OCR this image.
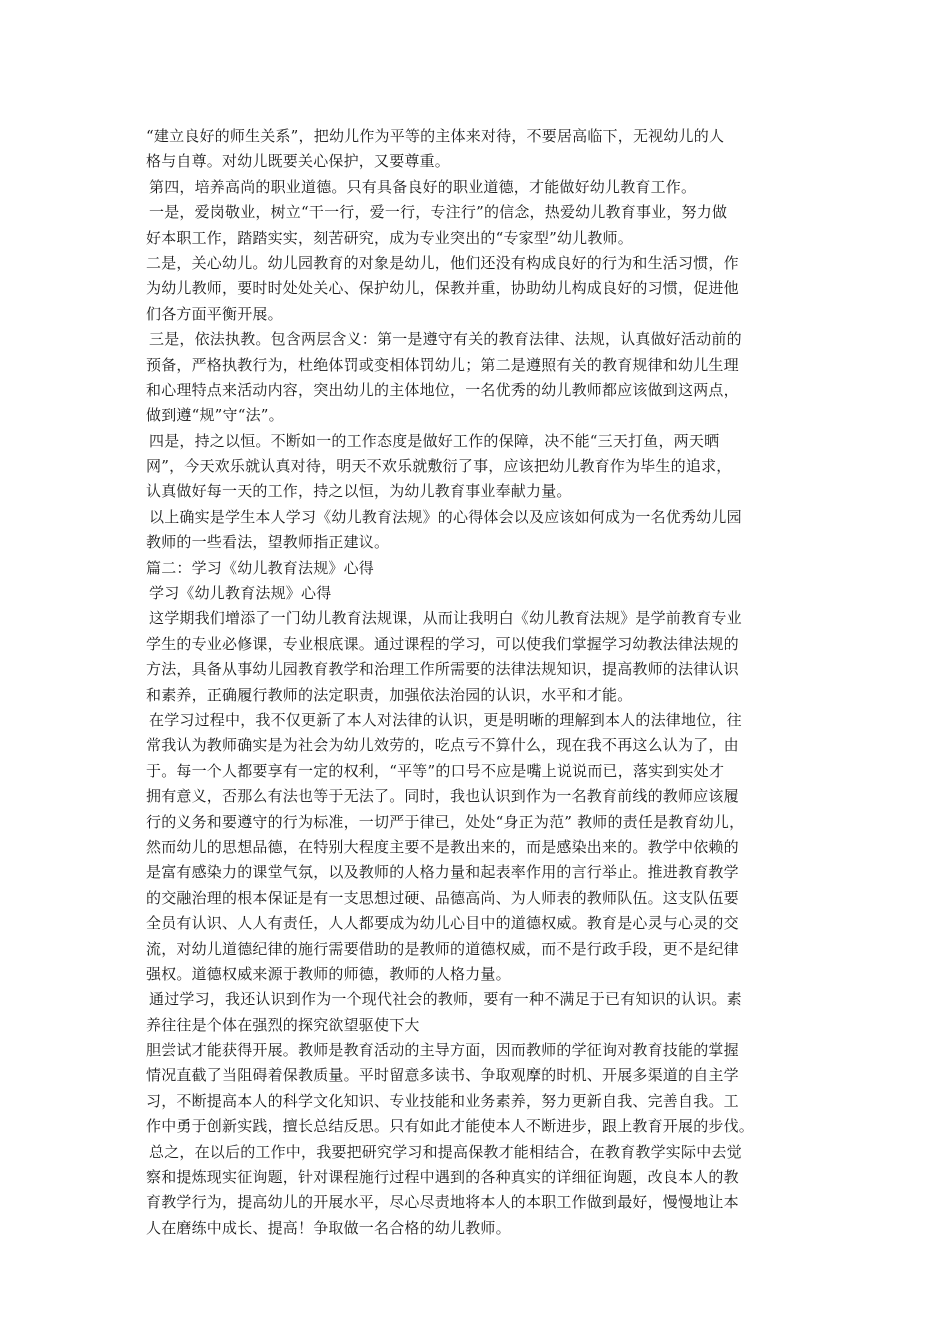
“建立良好的师生关系”，把幼儿作为平等的主体来对待，不要居高临下，无视幼儿的人
格与自尊。对幼儿既要关心保护，又要尊重。
第四，培养高尚的职业道德。只有具备良好的职业道德，才能做好幼儿教育工作。
一是，爱岗敬业，树立“干一行，爱一行，专注行”的信念，热爱幼儿教育事业，努力做
好本职工作，踏踏实实，刻苦研究，成为专业突出的“专家型”幼儿教师。
二是，关心幼儿。幼儿园教育的对象是幼儿，他们还没有构成良好的行为和生活习惯，作
为幼儿教师，要时时处处关心、保护幼儿，保教并重，协助幼儿构成良好的习惯，促进他
们各方面平衡开展。
三是，依法执教。包含两层含义：第一是遵守有关的教育法律、法规，认真做好活动前的
预备，严格执教行为，杜绝体罚或变相体罚幼儿；第二是遵照有关的教育规律和幼儿生理
和心理特点来活动内容，突出幼儿的主体地位，一名优秀的幼儿教师都应该做到这两点，
做到遵“规”守“法”。
四是，持之以恒。不断如一的工作态度是做好工作的保障，决不能“三天打鱼，两天晒
网”，今天欢乐就认真对待，明天不欢乐就敷衍了事，应该把幼儿教育作为毕生的追求，
认真做好每一天的工作，持之以恒，为幼儿教育事业奉献力量。
以上确实是学生本人学习《幼儿教育法规》的心得体会以及应该如何成为一名优秀幼儿园
教师的一些看法，望教师指正建议。
篇二：学习《幼儿教育法规》心得
学习《幼儿教育法规》心得
这学期我们增添了一门幼儿教育法规课，从而让我明白《幼儿教育法规》是学前教育专业
学生的专业必修课，专业根底课。通过课程的学习，可以使我们掌握学习幼教法律法规的
方法，具备从事幼儿园教育教学和治理工作所需要的法律法规知识，提高教师的法律认识
和素养，正确履行教师的法定职责，加强依法治园的认识，水平和才能。
在学习过程中，我不仅更新了本人对法律的认识，更是明晰的理解到本人的法律地位，往
常我认为教师确实是为社会为幼儿效劳的，吃点亏不算什么，现在我不再这么认为了，由
于。每一个人都要享有一定的权利，“平等”的口号不应是嘴上说说而已，落实到实处才
拥有意义，否那么有法也等于无法了。同时，我也认识到作为一名教育前线的教师应该履
行的义务和要遵守的行为标准，一切严于律已，处处“身正为范” 教师的责任是教育幼儿，
然而幼儿的思想品德，在特别大程度主要不是教出来的，而是感染出来的。教学中依赖的
是富有感染力的课堂气氛，以及教师的人格力量和起表率作用的言行举止。推进教育教学
的交融治理的根本保证是有一支思想过硬、品德高尚、为人师表的教师队伍。这支队伍要
全员有认识、人人有责任，人人都要成为幼儿心目中的道德权威。教育是心灵与心灵的交
流，对幼儿道德纪律的施行需要借助的是教师的道德权威，而不是行政手段，更不是纪律
强权。道德权威来源于教师的师德，教师的人格力量。
通过学习，我还认识到作为一个现代社会的教师，要有一种不满足于已有知识的认识。素
养往往是个体在强烈的探究欲望驱使下大
胆尝试才能获得开展。教师是教育活动的主导方面，因而教师的学征询对教育技能的掌握
情况直截了当阻碍着保教质量。平时留意多读书、争取观摩的时机、开展多渠道的自主学
习，不断提高本人的科学文化知识、专业技能和业务素养，努力更新自我、完善自我。工
作中勇于创新实践，擅长总结反思。只有如此才能使本人不断进步，跟上教育开展的步伐。
总之，在以后的工作中，我要把研究学习和提高保教才能相结合，在教育教学实际中去觉
察和提炼现实征询题，针对课程施行过程中遇到的各种真实的详细征询题，改良本人的教
育教学行为，提高幼儿的开展水平，尽心尽责地将本人的本职工作做到最好，慢慢地让本
人在磨练中成长、提高！争取做一名合格的幼儿教师。
